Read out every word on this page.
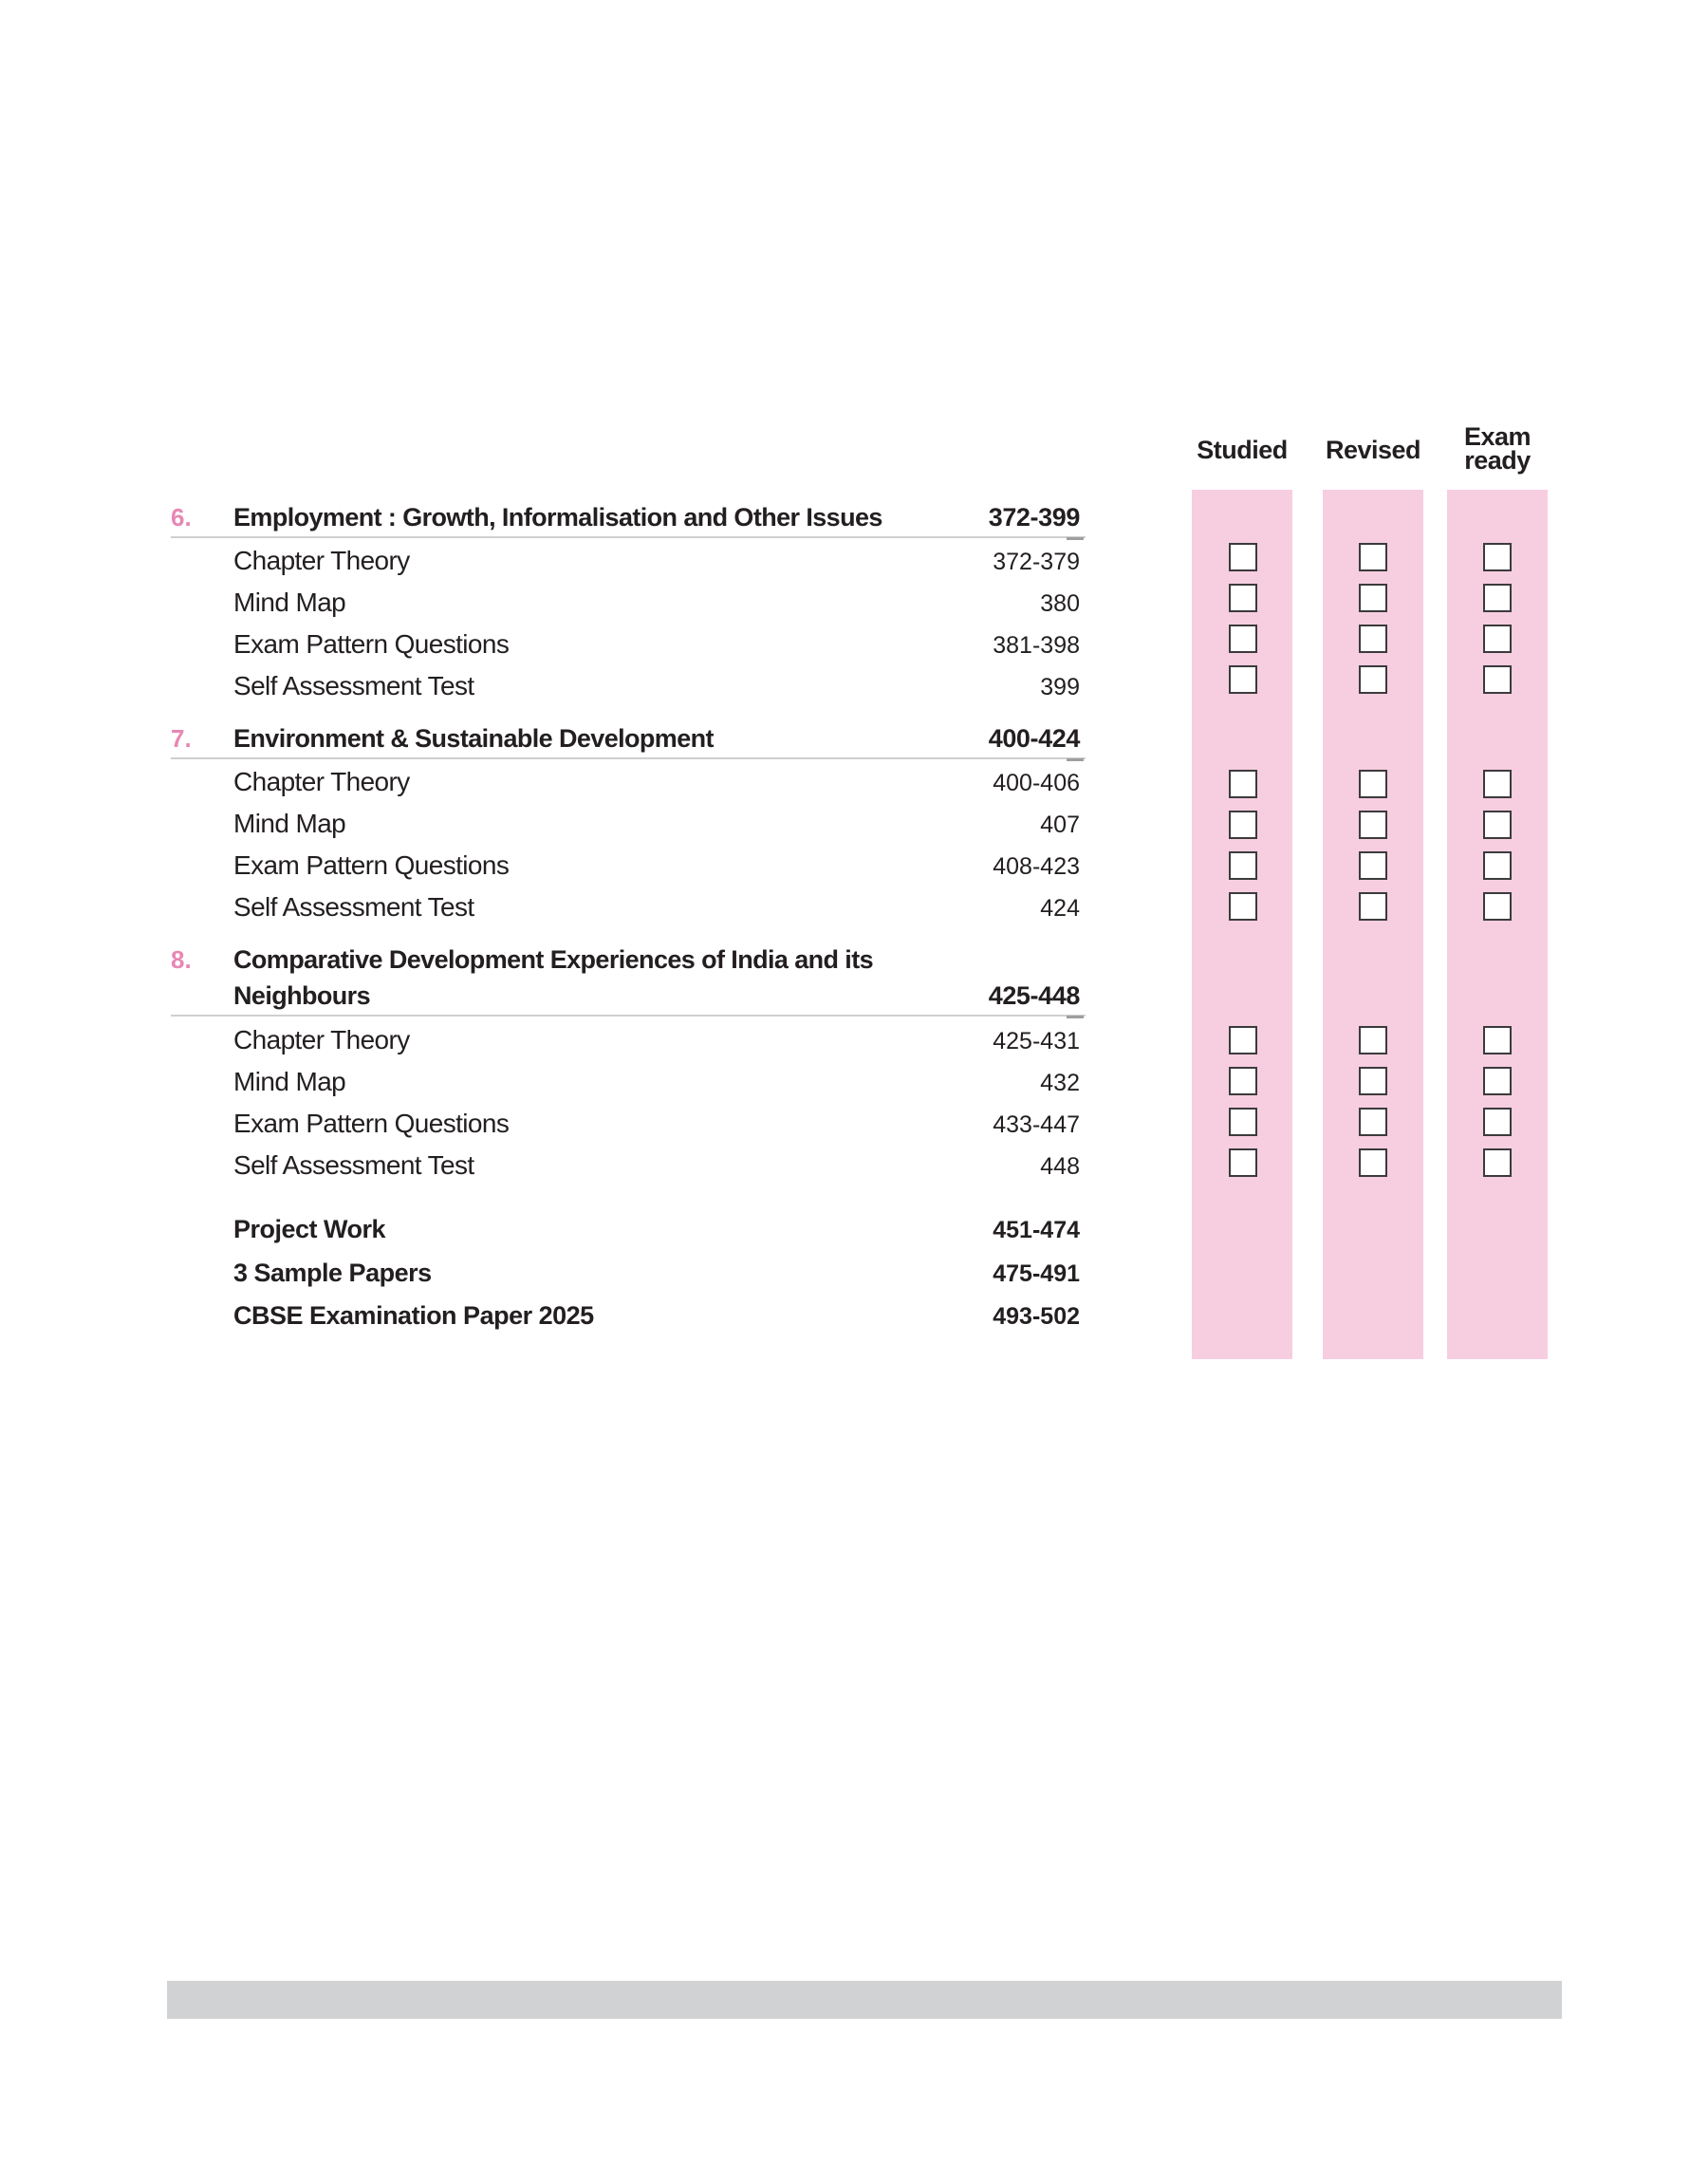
Studied	Revised	Exam
ready
6. Employment : Growth, Informalisation and Other Issues	372-399
Chapter Theory	372-379
Mind Map	380
Exam Pattern Questions	381-398
Self Assessment Test	399
7. Environment & Sustainable Development	400-424
Chapter Theory	400-406
Mind Map	407
Exam Pattern Questions	408-423
Self Assessment Test	424
8. Comparative Development Experiences of India and its
Neighbours	425-448
Chapter Theory	425-431
Mind Map	432
Exam Pattern Questions	433-447
Self Assessment Test	448
Project Work	451-474
3 Sample Papers	475-491
CBSE Examination Paper 2025	493-502
